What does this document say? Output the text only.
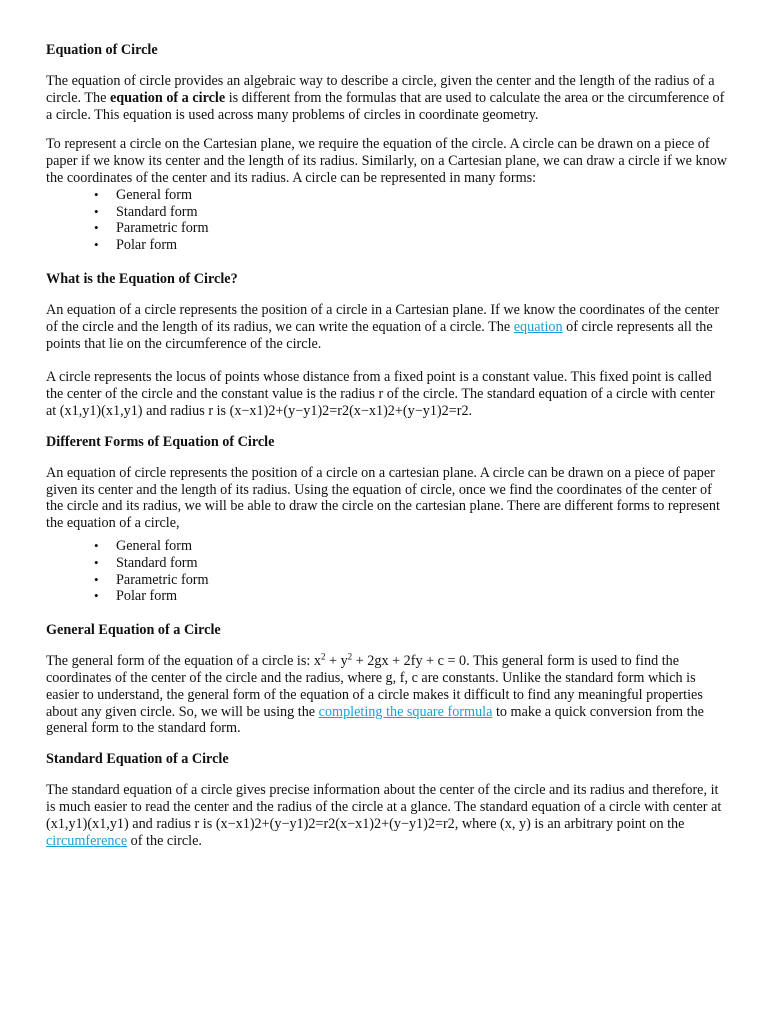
Equation of Circle

The equation of circle provides an algebraic way to describe a circle, given the center and the length of the radius of a circle. The equation of a circle is different from the formulas that are used to calculate the area or the circumference of a circle. This equation is used across many problems of circles in coordinate geometry.

To represent a circle on the Cartesian plane, we require the equation of the circle. A circle can be drawn on a piece of paper if we know its center and the length of its radius. Similarly, on a Cartesian plane, we can draw a circle if we know the coordinates of the center and its radius. A circle can be represented in many forms:

• General form
• Standard form
• Parametric form
• Polar form
What is the Equation of Circle?

An equation of a circle represents the position of a circle in a Cartesian plane. If we know the coordinates of the center of the circle and the length of its radius, we can write the equation of a circle. The equation of circle represents all the points that lie on the circumference of the circle.

A circle represents the locus of points whose distance from a fixed point is a constant value. This fixed point is called the center of the circle and the constant value is the radius r of the circle. The standard equation of a circle with center at (x1,y1)(x1,y1) and radius r is (x−x1)2+(y−y1)2=r2(x−x1)2+(y−y1)2=r2.

Different Forms of Equation of Circle

An equation of circle represents the position of a circle on a cartesian plane. A circle can be drawn on a piece of paper given its center and the length of its radius. Using the equation of circle, once we find the coordinates of the center of the circle and its radius, we will be able to draw the circle on the cartesian plane. There are different forms to represent the equation of a circle,

• General form
• Standard form
• Parametric form
• Polar form
General Equation of a Circle

The general form of the equation of a circle is: $x^2 + y^2 + 2gx + 2fy + c = 0$. This general form is used to find the coordinates of the center of the circle and the radius, where g, f, c are constants. Unlike the standard form which is easier to understand, the general form of the equation of a circle makes it difficult to find any meaningful properties about any given circle. So, we will be using the completing the square formula to make a quick conversion from the general form to the standard form.

Standard Equation of a Circle

The standard equation of a circle gives precise information about the center of the circle and its radius and therefore, it is much easier to read the center and the radius of the circle at a glance. The standard equation of a circle with center at (x1,y1)(x1,y1) and radius r is (x−x1)2+(y−y1)2=r2(x−x1)2+(y−y1)2=r2, where (x, y) is an arbitrary point on the circumference of the circle.
